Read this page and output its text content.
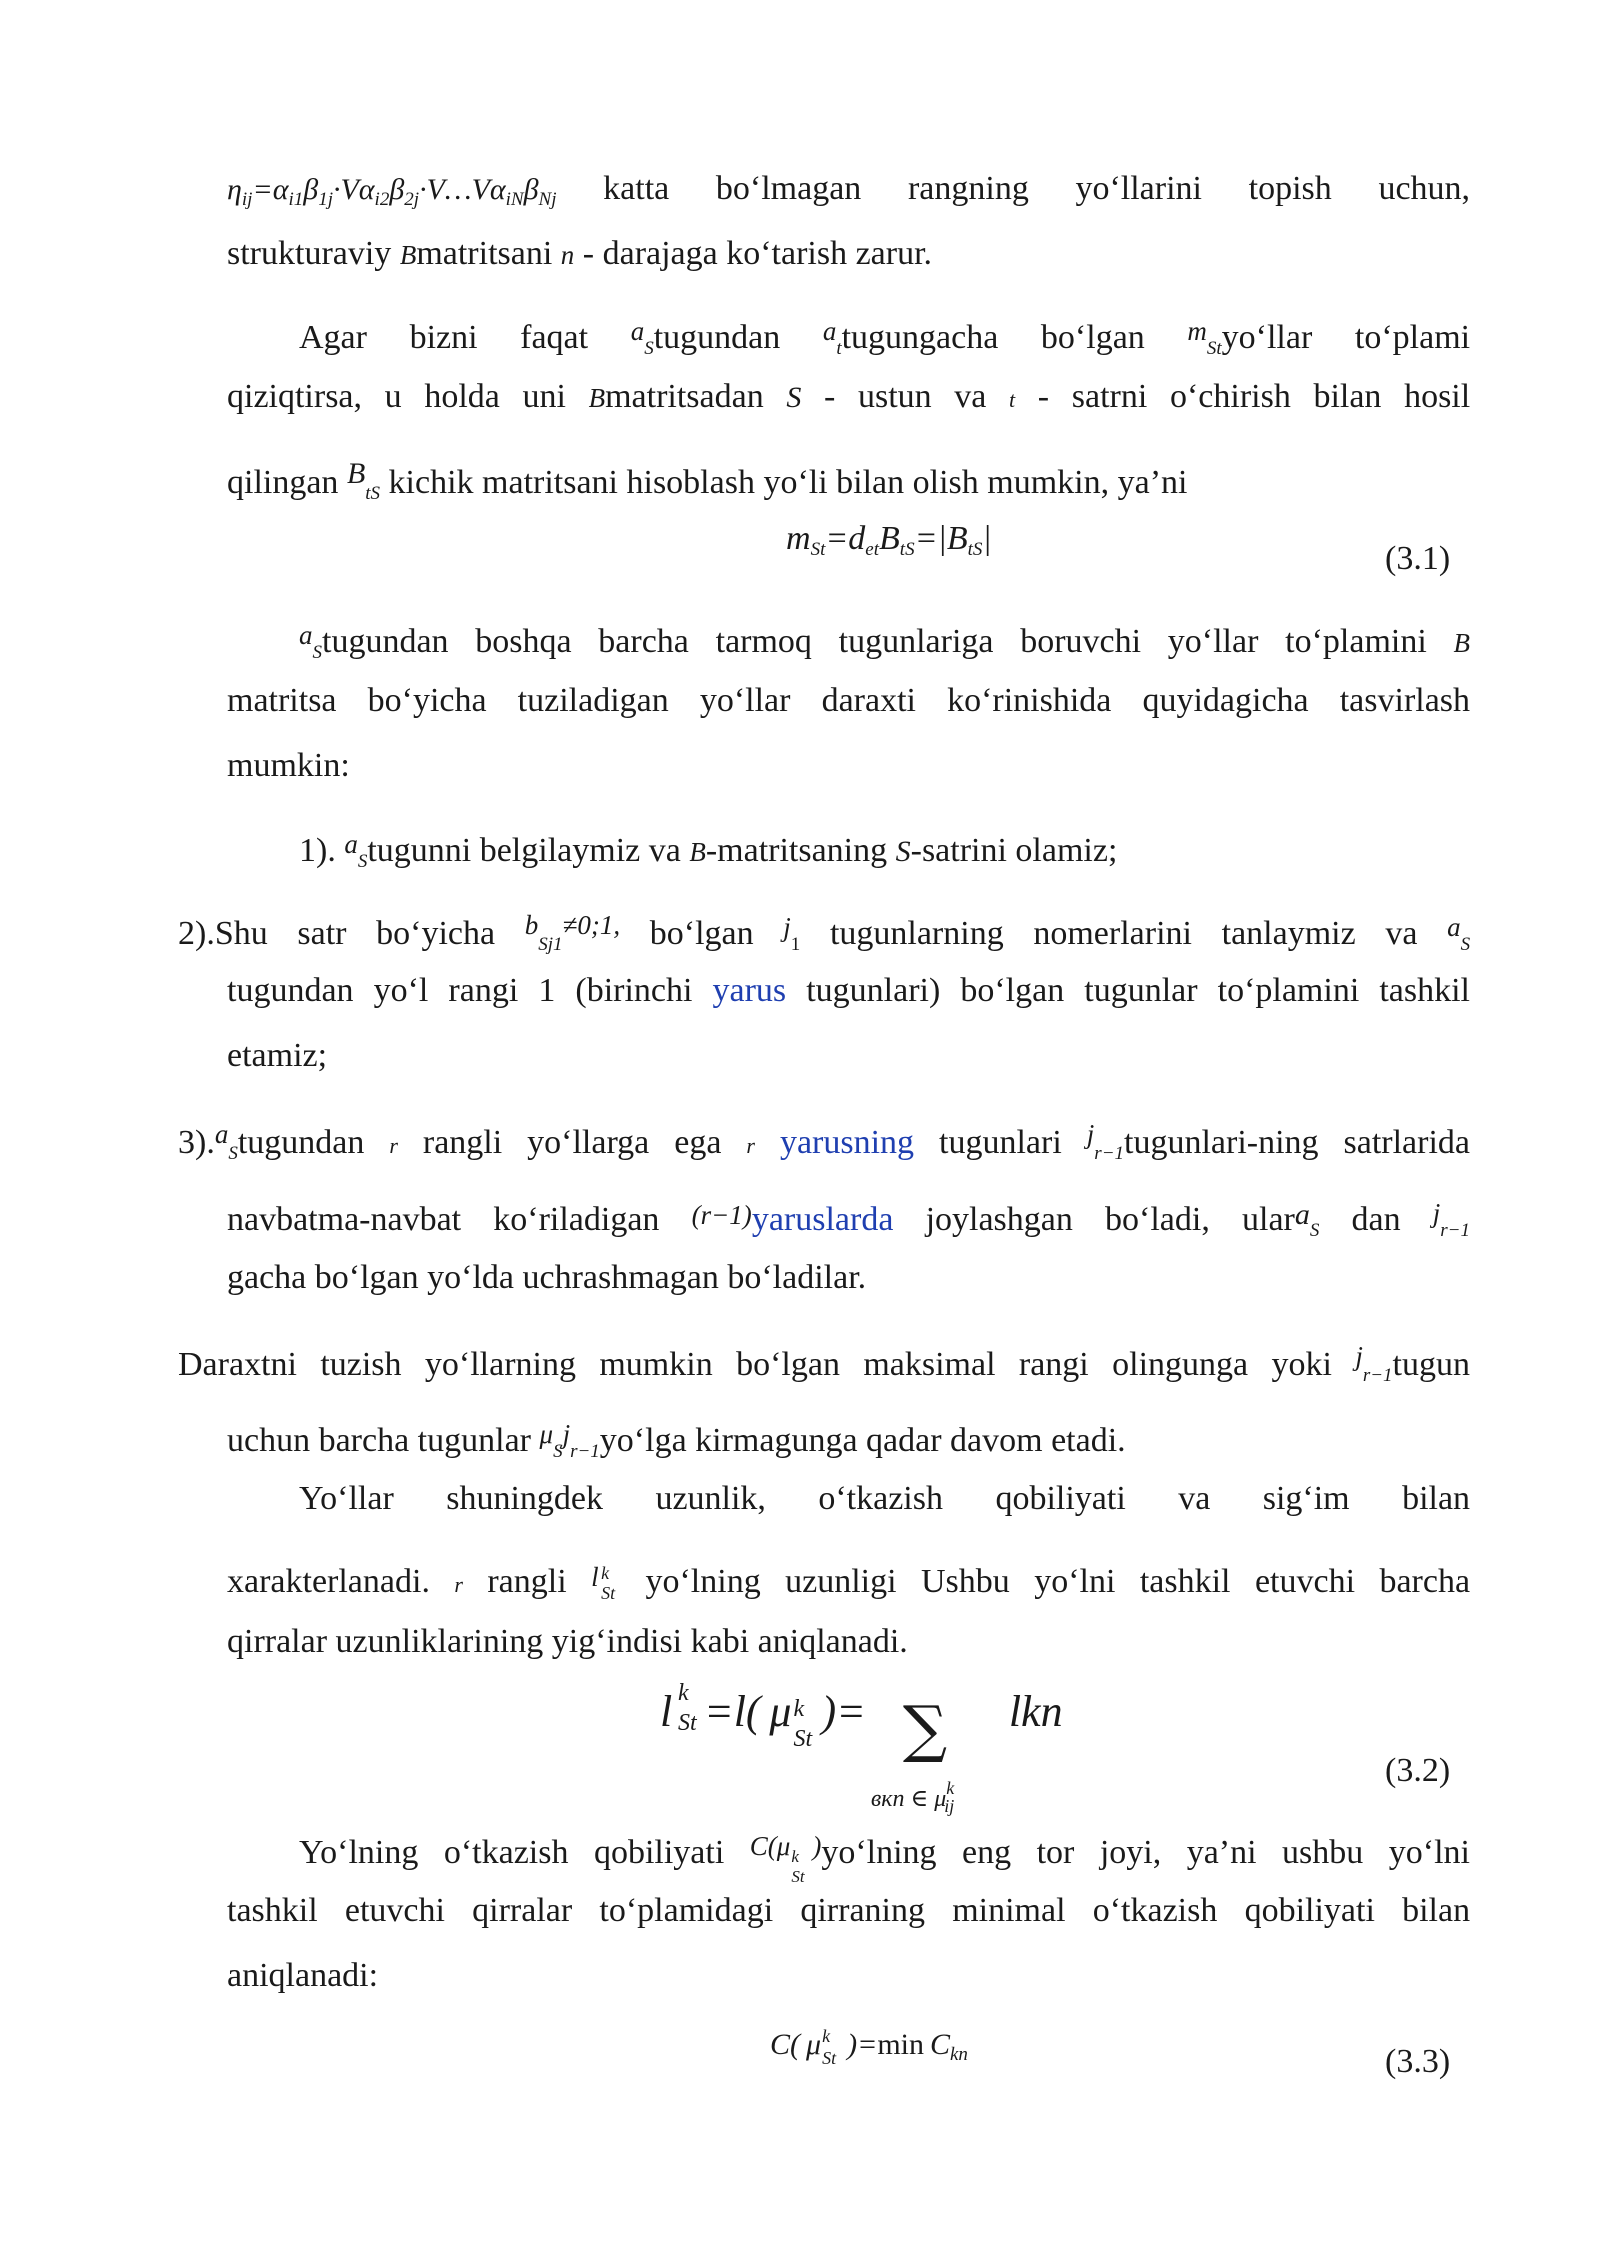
$\eta_{ij}=\alpha_{i1}\beta_{1j}\cdot V\alpha_{i2}\beta_{2j}\cdot V\dots V\alpha_{iN}\beta_{Nj}$ katta bo‘lmagan rangning yo‘llarini topish uchun,
strukturaviy Bmatritsani n - darajaga ko‘tarish zarur.
Agar bizni faqat $^a_S$tugundan $^a_t$tugungacha bo‘lgan $^m_{St}$yo‘llar to‘plami
qiziqtirsa, u holda uni Bmatritsadan S - ustun va t - satrni o‘chirish bilan hosil
qilingan $B_{tS}$ kichik matritsani hisoblash yo‘li bilan olish mumkin, ya’ni
$m_{St}=d_{et}B_{tS}=|B_{tS}|$
(3.1)
$^a_S$tugundan boshqa barcha tarmoq tugunlariga boruvchi yo‘llar to‘plamini B
matritsa bo‘yicha tuziladigan yo‘llar daraxti ko‘rinishida quyidagicha tasvirlash
mumkin:
1). $^a_S$tugunni belgilaymiz va B-matritsaning S-satrini olamiz;
2).Shu satr bo‘yicha $^b_{Sj1}^{\ne 0;1,}$ bo‘lgan $^j_1$ tugunlarning nomerlarini tanlaymiz va $^a_S$
tugundan yo‘l rangi 1 (birinchi yarus tugunlari) bo‘lgan tugunlar to‘plamini tashkil
etamiz;
3).$^a_S$tugundan r rangli yo‘llarga ega r yarusning tugunlari $^j_{r-1}$tugunlari-ning satrlarida
navbatma-navbat ko‘riladigan (r−1)yaruslarda joylashgan bo‘ladi, ulara$_S$ dan $^j_{r-1}$
gacha bo‘lgan yo‘lda uchrashmagan bo‘ladilar.
Daraxtni tuzish yo‘llarning mumkin bo‘lgan maksimal rangi olingunga yoki $^j_{r-1}$tugun
uchun barcha tugunlar $^\mu_S^j_{r-1}$yo‘lga kirmagunga qadar davom etadi.
Yo‘llar shuningdek uzunlik, o‘tkazish qobiliyati va sig‘im bilan
xarakterlanadi. r rangli l k
St yo‘lning uzunligi Ushbu yo‘lni tashkil etuvchi barcha
qirralar uzunliklarining yig‘indisi kabi aniqlanadi.
l k
St =l( μ k
St
)= ∑
вкn ∈ $\mu^k_{ij}$
lkn
(3.2)
Yo‘lning o‘tkazish qobiliyati $^{C(\mu}$ k
St
)yo‘lning eng tor joyi, ya’ni ushbu yo‘lni
tashkil etuvchi qirralar to‘plamidagi qirraning minimal o‘tkazish qobiliyati bilan
aniqlanadi:
C( μ k
St )=min $C_{kn}$	(3.3)
